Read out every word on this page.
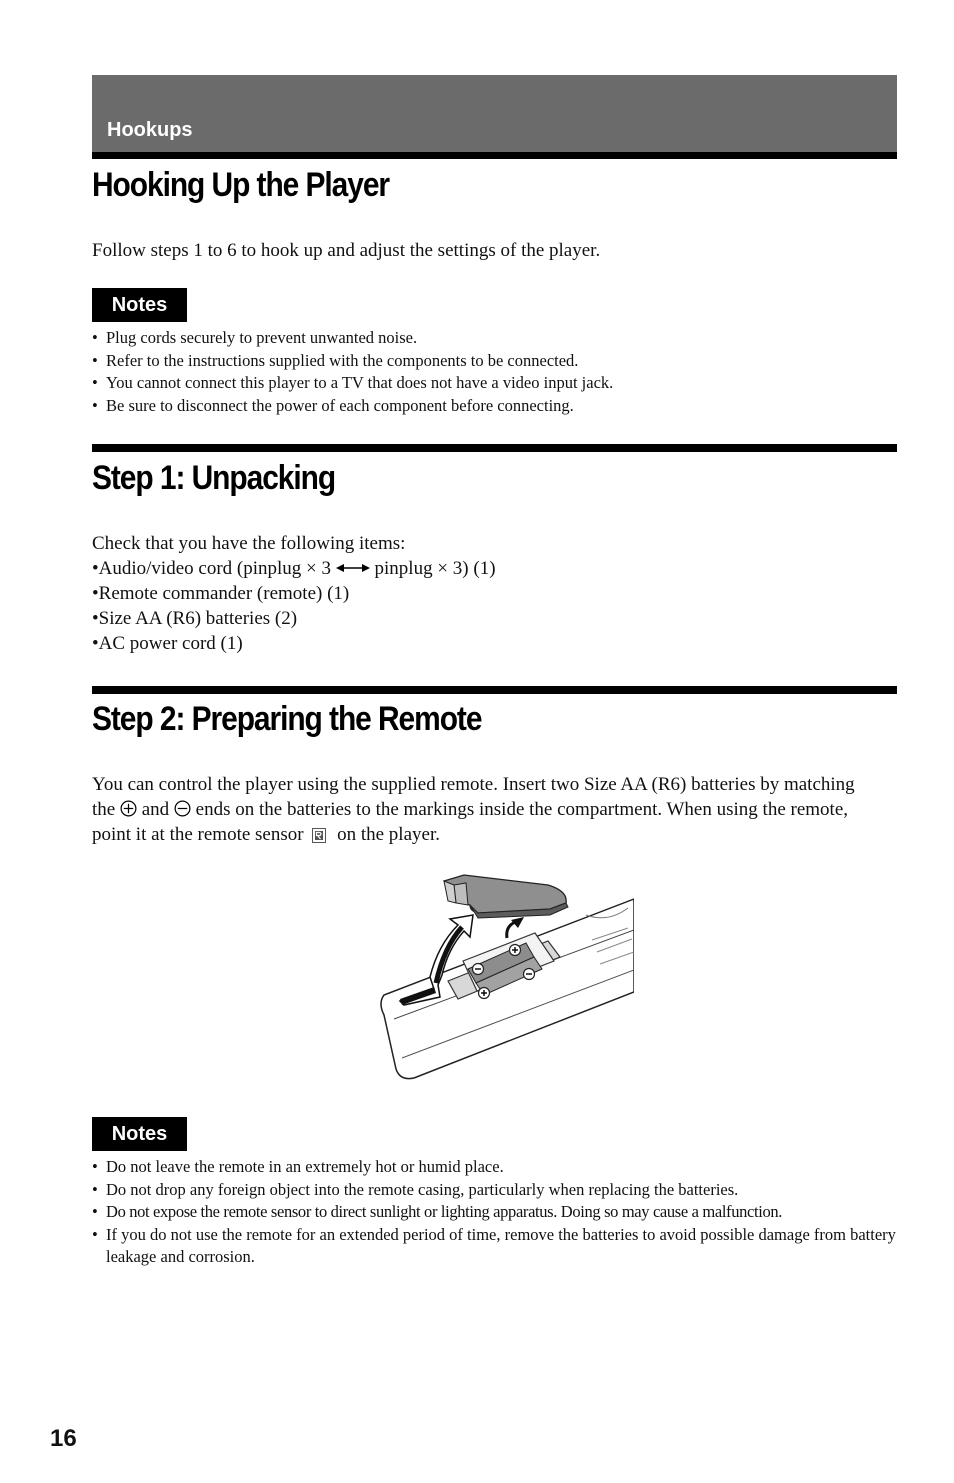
Hookups
Hooking Up the Player

Follow steps 1 to 6 to hook up and adjust the settings of the player.

Notes
• Plug cords securely to prevent unwanted noise.
• Refer to the instructions supplied with the components to be connected.
• You cannot connect this player to a TV that does not have a video input jack.
• Be sure to disconnect the power of each component before connecting.
Step 1: Unpacking
Check that you have the following items:
• Audio/video cord (pinplug × 3 pinplug × 3) (1)
• Remote commander (remote) (1)
• Size AA (R6) batteries (2)
• AC power cord (1)
Step 2: Preparing the Remote

You can control the player using the supplied remote. Insert two Size AA (R6) batteries by matching the and ends on the batteries to the markings inside the compartment. When using the remote, point it at the remote sensor on the player.

Notes
• Do not leave the remote in an extremely hot or humid place.
• Do not drop any foreign object into the remote casing, particularly when replacing the batteries.
• Do not expose the remote sensor to direct sunlight or lighting apparatus. Doing so may cause a malfunction.
• If you do not use the remote for an extended period of time, remove the batteries to avoid possible damage from battery leakage and corrosion.
16
